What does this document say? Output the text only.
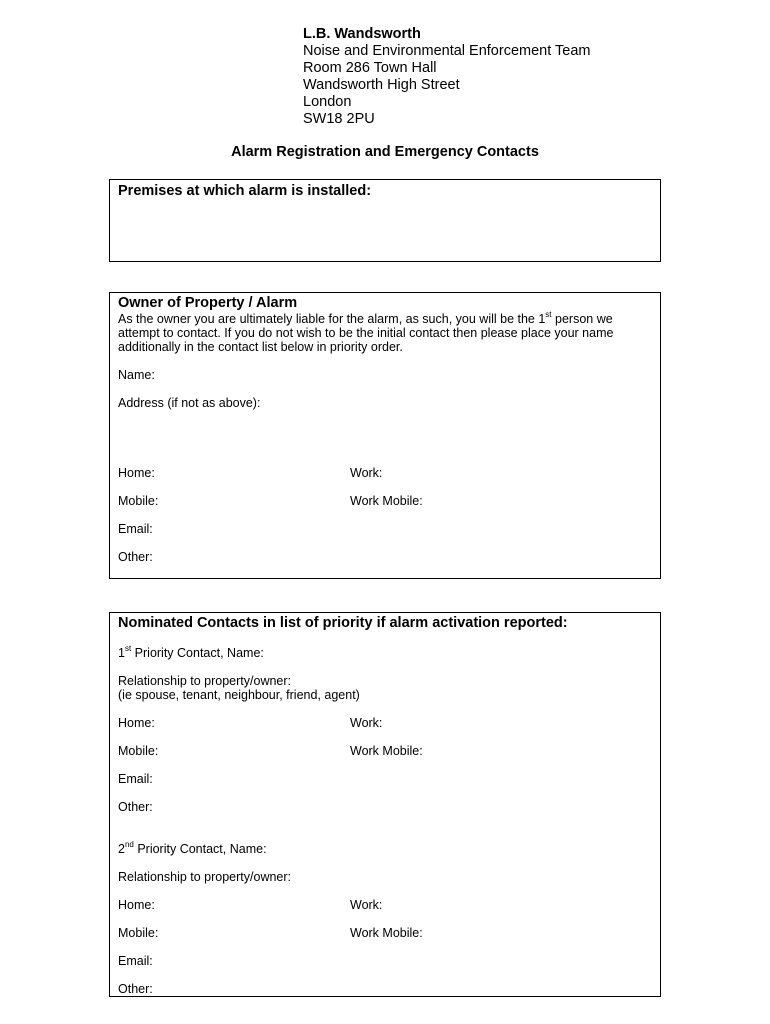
L.B. Wandsworth
Noise and Environmental Enforcement Team
Room 286 Town Hall
Wandsworth High Street
London
SW18 2PU
Alarm Registration and Emergency Contacts
Premises at which alarm is installed:
Owner of Property / Alarm
As the owner you are ultimately liable for the alarm, as such, you will be the 1st person we
attempt to contact. If you do not wish to be the initial contact then please place your name
additionally in the contact list below in priority order.
Name:
Address (if not as above):
Home:	Work:
Mobile:	Work Mobile:
Email:
Other:
Nominated Contacts in list of priority if alarm activation reported:
1st Priority Contact, Name:
Relationship to property/owner:
(ie spouse, tenant, neighbour, friend, agent)
Home:	Work:
Mobile:	Work Mobile:
Email:
Other:
2nd Priority Contact, Name:
Relationship to property/owner:
Home:	Work:
Mobile:	Work Mobile:
Email:
Other:
